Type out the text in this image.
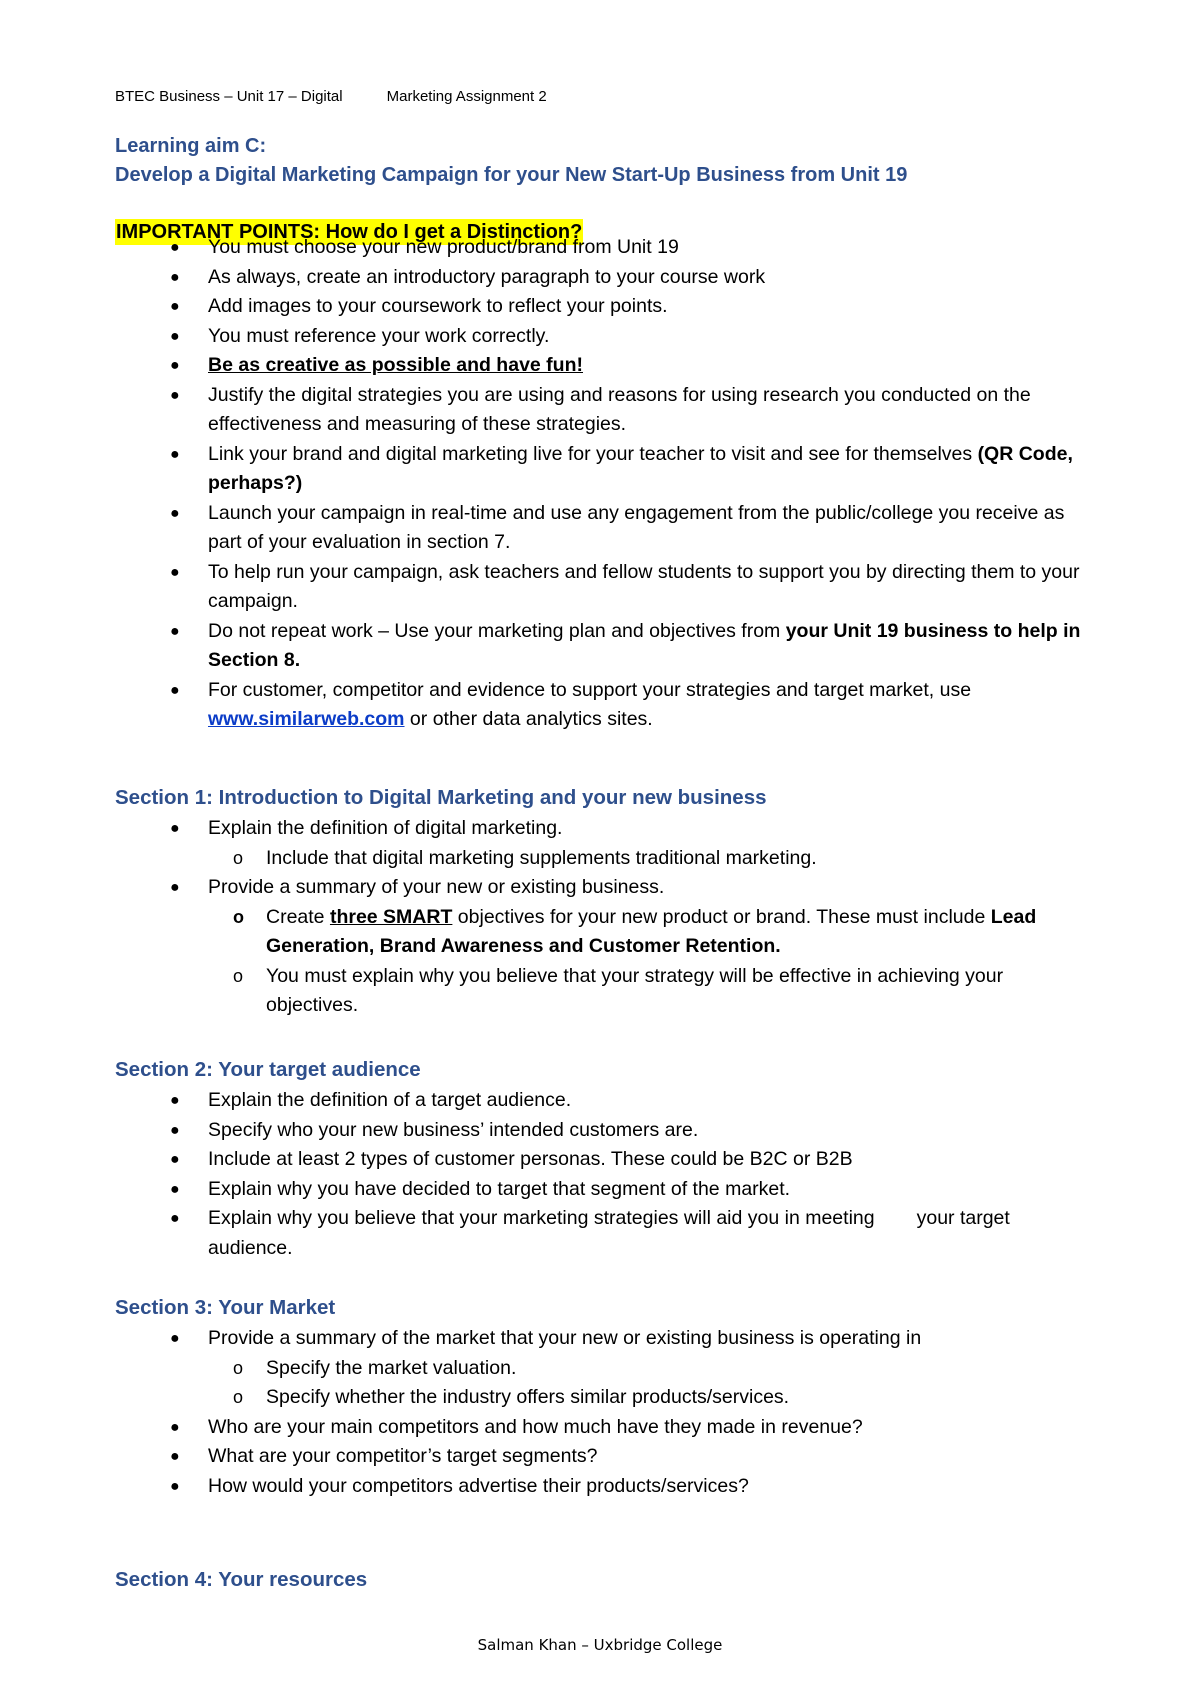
BTEC Business – Unit 17 – Digital	Marketing Assignment 2
Learning aim C:
Develop a Digital Marketing Campaign for your New Start-Up Business from Unit 19
IMPORTANT POINTS: How do I get a Distinction?
● You must choose your new product/brand from Unit 19
● As always, create an introductory paragraph to your course work
● Add images to your coursework to reflect your points.
● You must reference your work correctly.
● Be as creative as possible and have fun!
● Justify the digital strategies you are using and reasons for using research you conducted on the effectiveness and measuring of these strategies.
● Link your brand and digital marketing live for your teacher to visit and see for themselves (QR Code, perhaps?)
● Launch your campaign in real-time and use any engagement from the public/college you receive as part of your evaluation in section 7.
● To help run your campaign, ask teachers and fellow students to support you by directing them to your campaign.
● Do not repeat work – Use your marketing plan and objectives from your Unit 19 business to help in Section 8.
● For customer, competitor and evidence to support your strategies and target market, use www.similarweb.com or other data analytics sites.
Section 1: Introduction to Digital Marketing and your new business
● Explain the definition of digital marketing.
o Include that digital marketing supplements traditional marketing.
● Provide a summary of your new or existing business.
o Create three SMART objectives for your new product or brand. These must include Lead Generation, Brand Awareness and Customer Retention.
o You must explain why you believe that your strategy will be effective in achieving your objectives.
Section 2: Your target audience
● Explain the definition of a target audience.
● Specify who your new business’ intended customers are.
● Include at least 2 types of customer personas. These could be B2C or B2B
● Explain why you have decided to target that segment of the market.
● Explain why you believe that your marketing strategies will aid you in meeting your target audience.
Section 3: Your Market
● Provide a summary of the market that your new or existing business is operating in
o Specify the market valuation.
o Specify whether the industry offers similar products/services.
● Who are your main competitors and how much have they made in revenue?
● What are your competitor’s target segments?
● How would your competitors advertise their products/services?
Section 4: Your resources
Salman Khan – Uxbridge College
